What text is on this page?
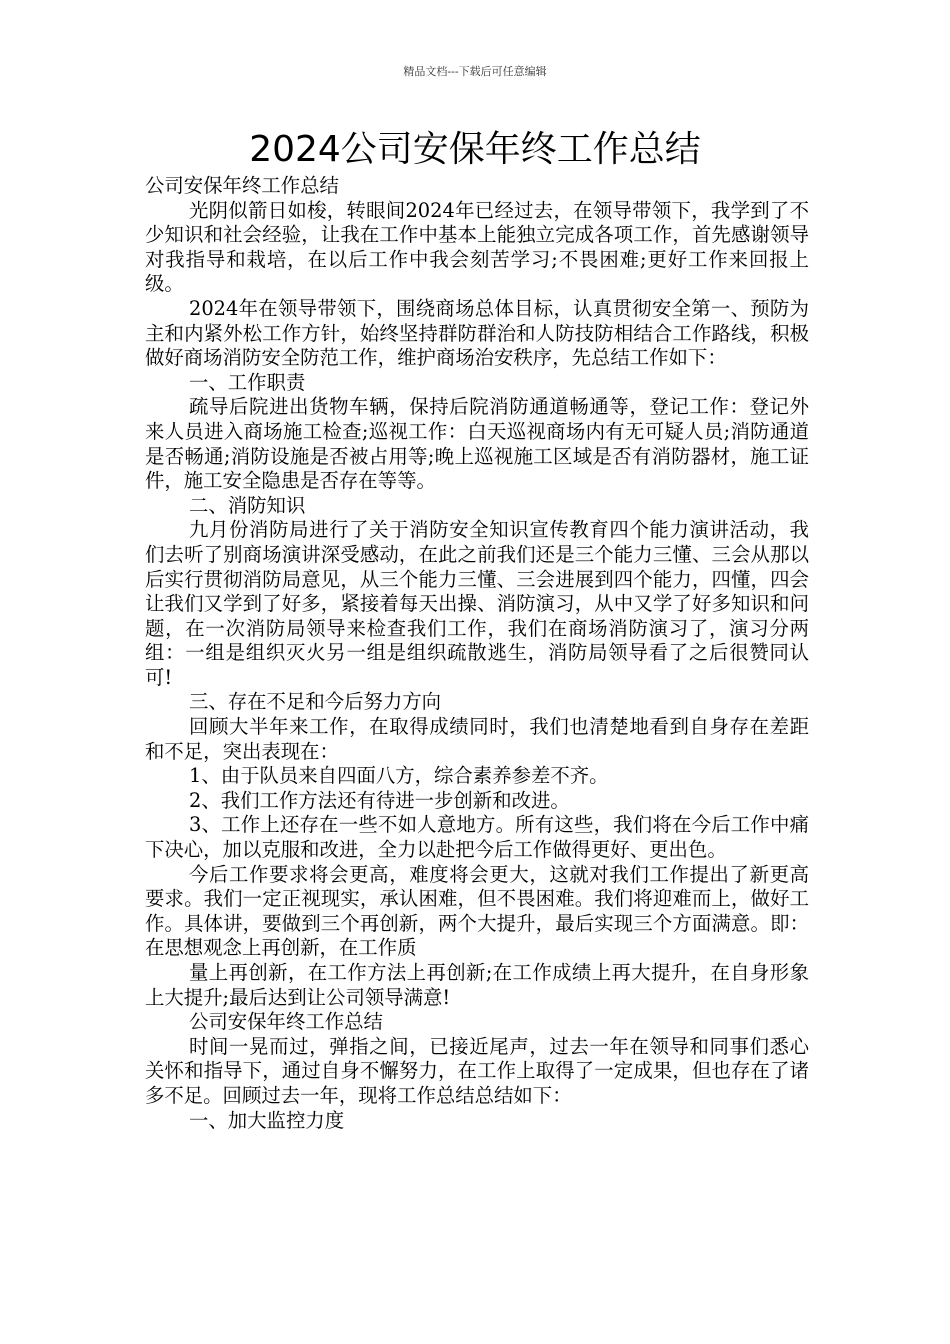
精品文档---下载后可任意编辑
2024公司安保年终工作总结

公司安保年终工作总结

光阴似箭日如梭，转眼间2024年已经过去，在领导带领下，我学到了不少知识和社会经验，让我在工作中基本上能独立完成各项工作，首先感谢领导对我指导和栽培，在以后工作中我会刻苦学习;不畏困难;更好工作来回报上级。

2024年在领导带领下，围绕商场总体目标，认真贯彻安全第一、预防为主和内紧外松工作方针，始终坚持群防群治和人防技防相结合工作路线，积极做好商场消防安全防范工作，维护商场治安秩序，先总结工作如下：

一、工作职责

疏导后院进出货物车辆，保持后院消防通道畅通等，登记工作：登记外来人员进入商场施工检查;巡视工作：白天巡视商场内有无可疑人员;消防通道是否畅通;消防设施是否被占用等;晚上巡视施工区域是否有消防器材，施工证件，施工安全隐患是否存在等等。

二、消防知识

九月份消防局进行了关于消防安全知识宣传教育四个能力演讲活动，我们去听了别商场演讲深受感动，在此之前我们还是三个能力三懂、三会从那以后实行贯彻消防局意见，从三个能力三懂、三会进展到四个能力，四懂，四会让我们又学到了好多，紧接着每天出操、消防演习，从中又学了好多知识和问题，在一次消防局领导来检查我们工作，我们在商场消防演习了，演习分两组：一组是组织灭火另一组是组织疏散逃生，消防局领导看了之后很赞同认可!

三、存在不足和今后努力方向

回顾大半年来工作，在取得成绩同时，我们也清楚地看到自身存在差距和不足，突出表现在：

1、由于队员来自四面八方，综合素养参差不齐。

2、我们工作方法还有待进一步创新和改进。

3、工作上还存在一些不如人意地方。所有这些，我们将在今后工作中痛下决心，加以克服和改进，全力以赴把今后工作做得更好、更出色。

今后工作要求将会更高，难度将会更大，这就对我们工作提出了新更高要求。我们一定正视现实，承认困难，但不畏困难。我们将迎难而上，做好工作。具体讲，要做到三个再创新，两个大提升，最后实现三个方面满意。即：在思想观念上再创新，在工作质

量上再创新，在工作方法上再创新;在工作成绩上再大提升，在自身形象上大提升;最后达到让公司领导满意!

公司安保年终工作总结

时间一晃而过，弹指之间，已接近尾声，过去一年在领导和同事们悉心关怀和指导下，通过自身不懈努力，在工作上取得了一定成果，但也存在了诸多不足。回顾过去一年，现将工作总结总结如下：

一、加大监控力度
